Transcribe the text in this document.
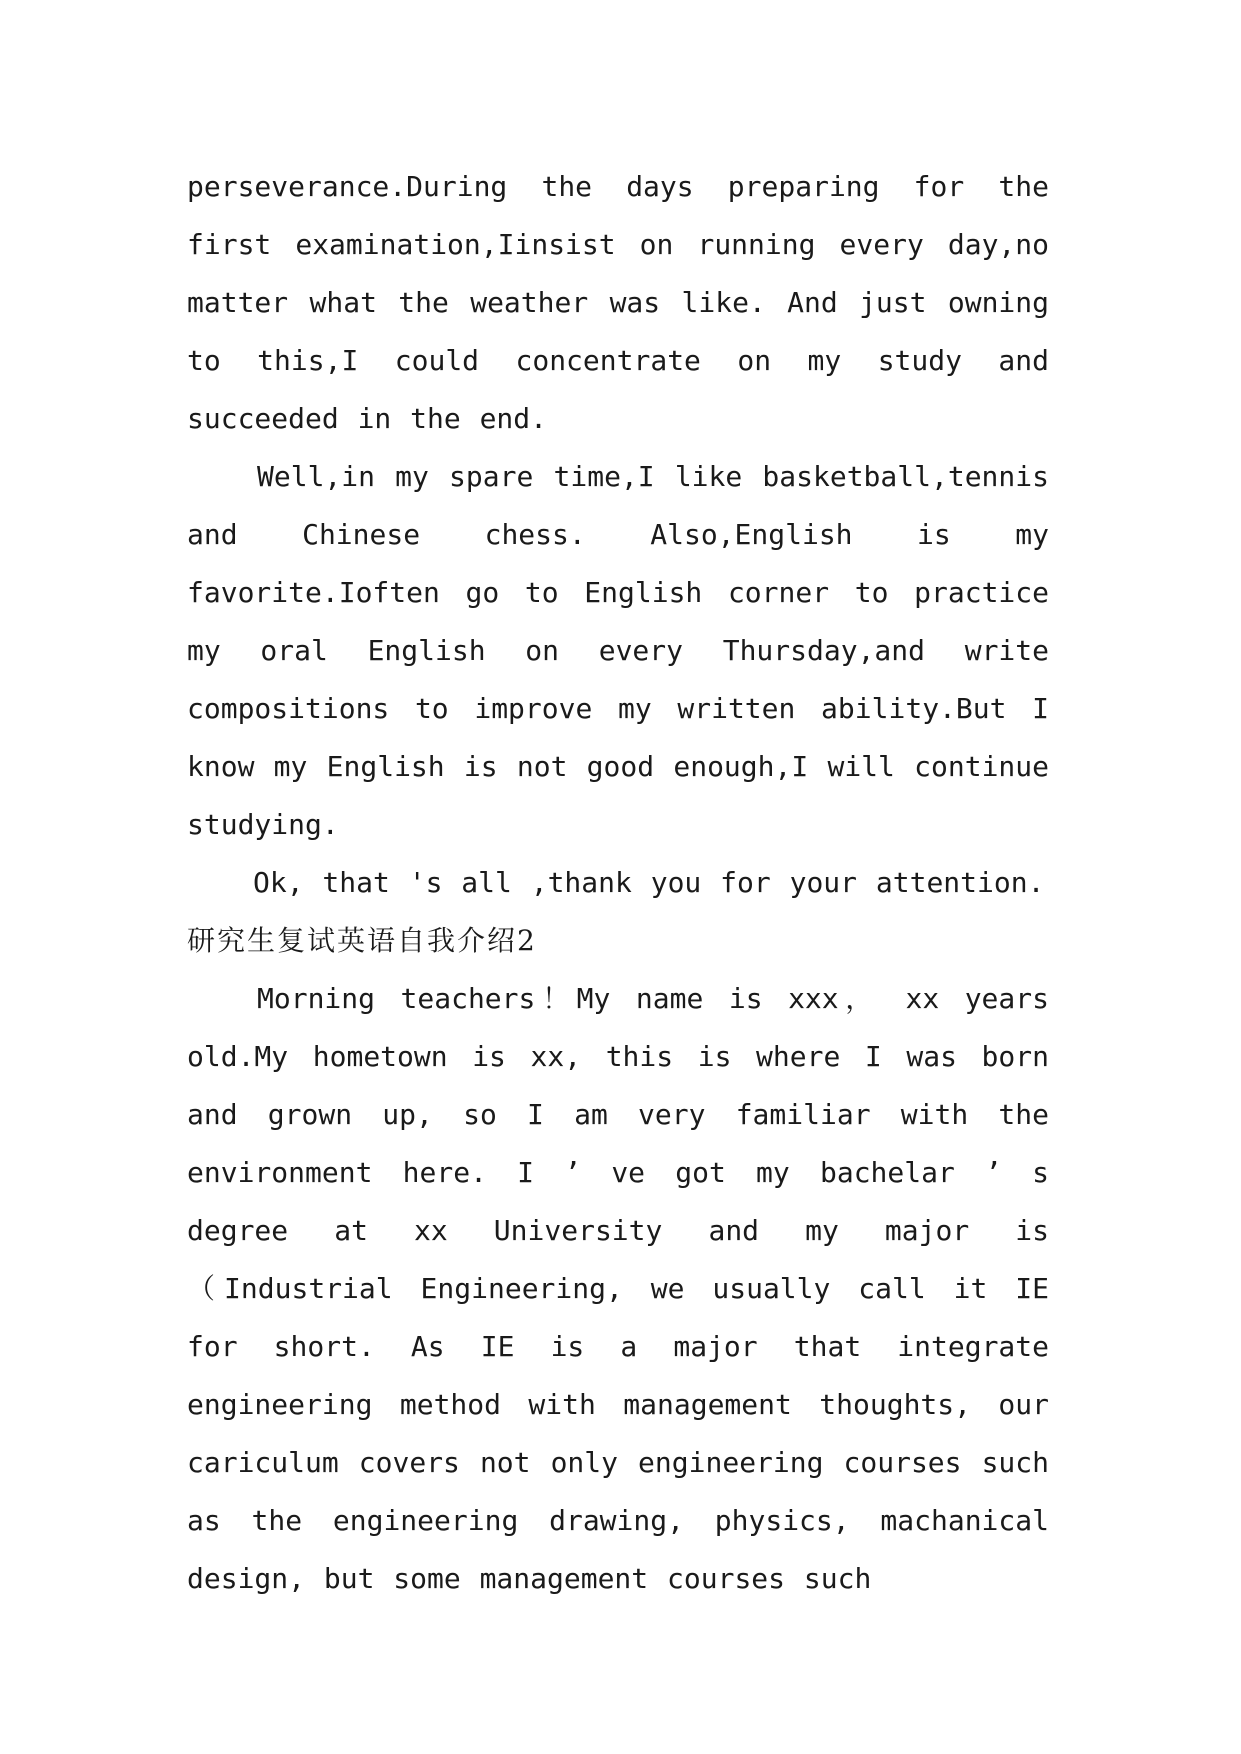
perseverance.During the days preparing for the first examination,Iinsist on running every day,no matter what the weather was like. And just owning to this,I could concentrate on my study and succeeded in the end.

Well,in my spare time,I like basketball,tennis and Chinese chess. Also,English is my favorite.Ioften go to English corner to practice my oral English on every Thursday,and write compositions to improve my written ability.But I know my English is not good enough,I will continue studying.

Ok, that 's all ,thank you for your attention.

研究生复试英语自我介绍2

Morning teachers！My name is xxx， xx years old.My hometown is xx, this is where I was born and grown up, so I am very familiar with the environment here. I ’ ve got my bachelar ’ s degree at xx University and my major is（Industrial Engineering, we usually call it IE for short. As IE is a major that integrate engineering method with management thoughts, our cariculum covers not only engineering courses such as the engineering drawing, physics, machanical design, but some management courses such
